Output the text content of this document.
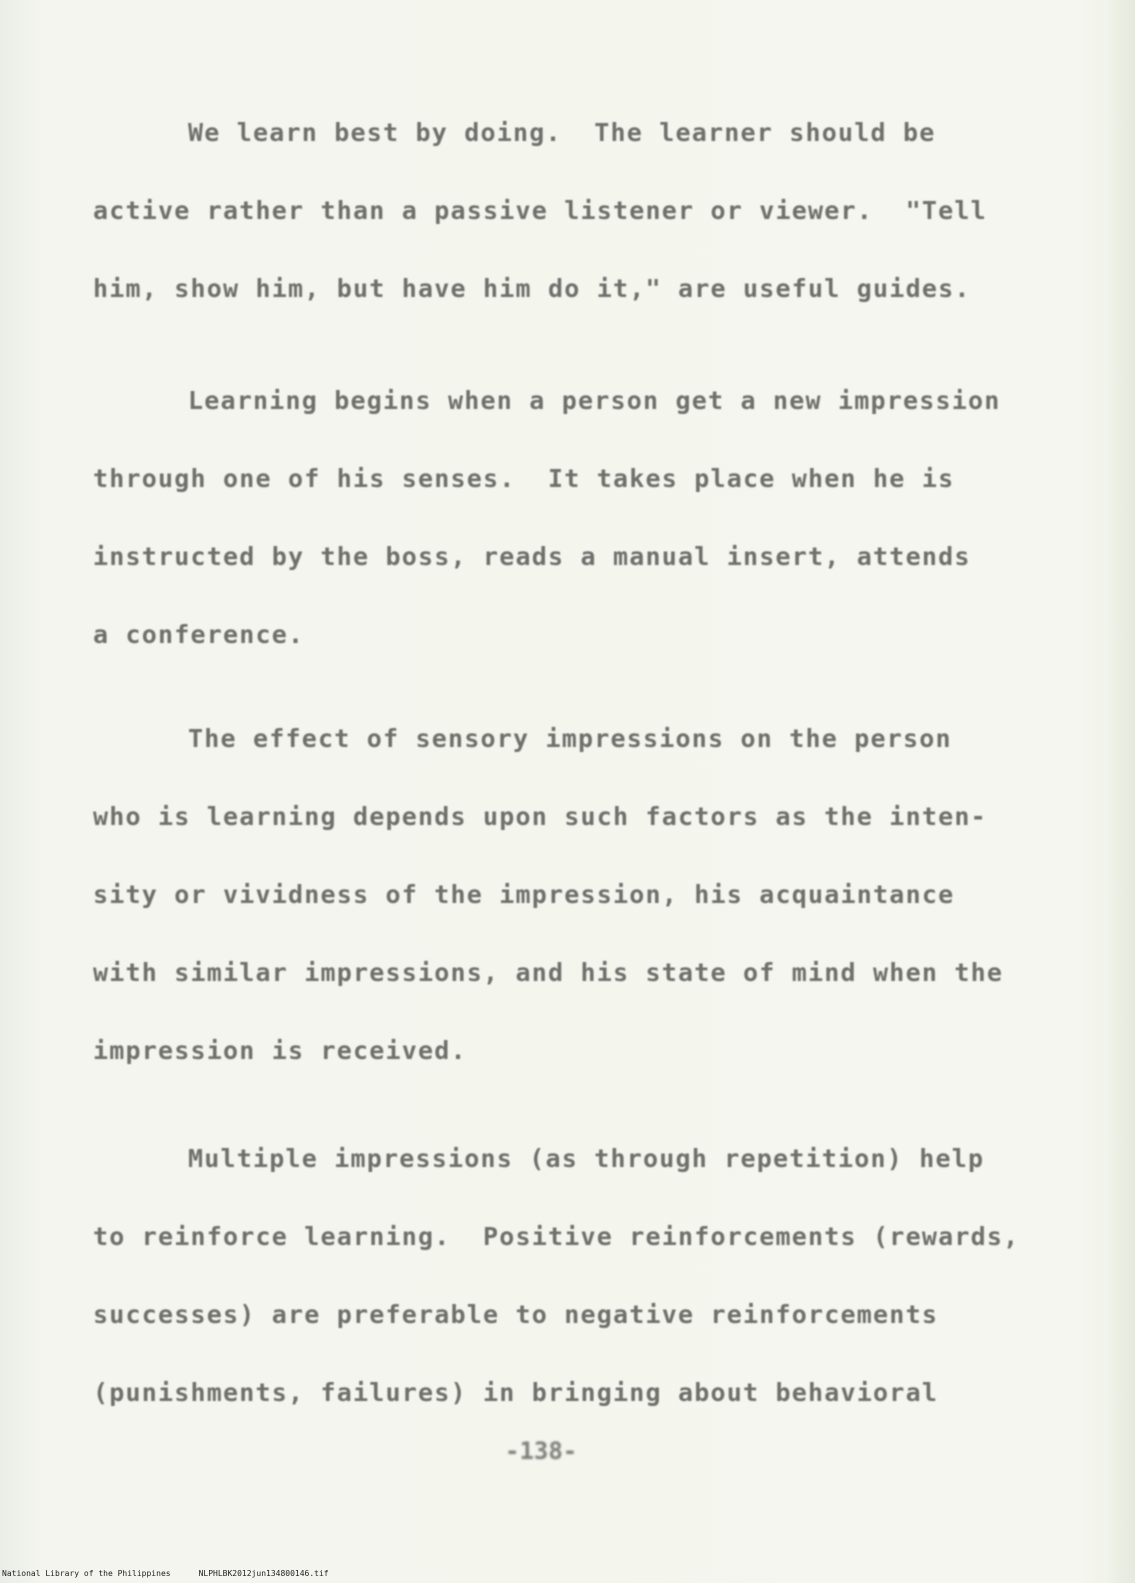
We learn best by doing.  The learner should be
active rather than a passive listener or viewer.  "Tell
him, show him, but have him do it," are useful guides.
Learning begins when a person get a new impression
through one of his senses.  It takes place when he is
instructed by the boss, reads a manual insert, attends
a conference.
The effect of sensory impressions on the person
who is learning depends upon such factors as the inten-
sity or vividness of the impression, his acquaintance
with similar impressions, and his state of mind when the
impression is received.
Multiple impressions (as through repetition) help
to reinforce learning.  Positive reinforcements (rewards,
successes) are preferable to negative reinforcements
(punishments, failures) in bringing about behavioral
-138-
National Library of the Philippines	NLPHLBK2012jun134800146.tif
